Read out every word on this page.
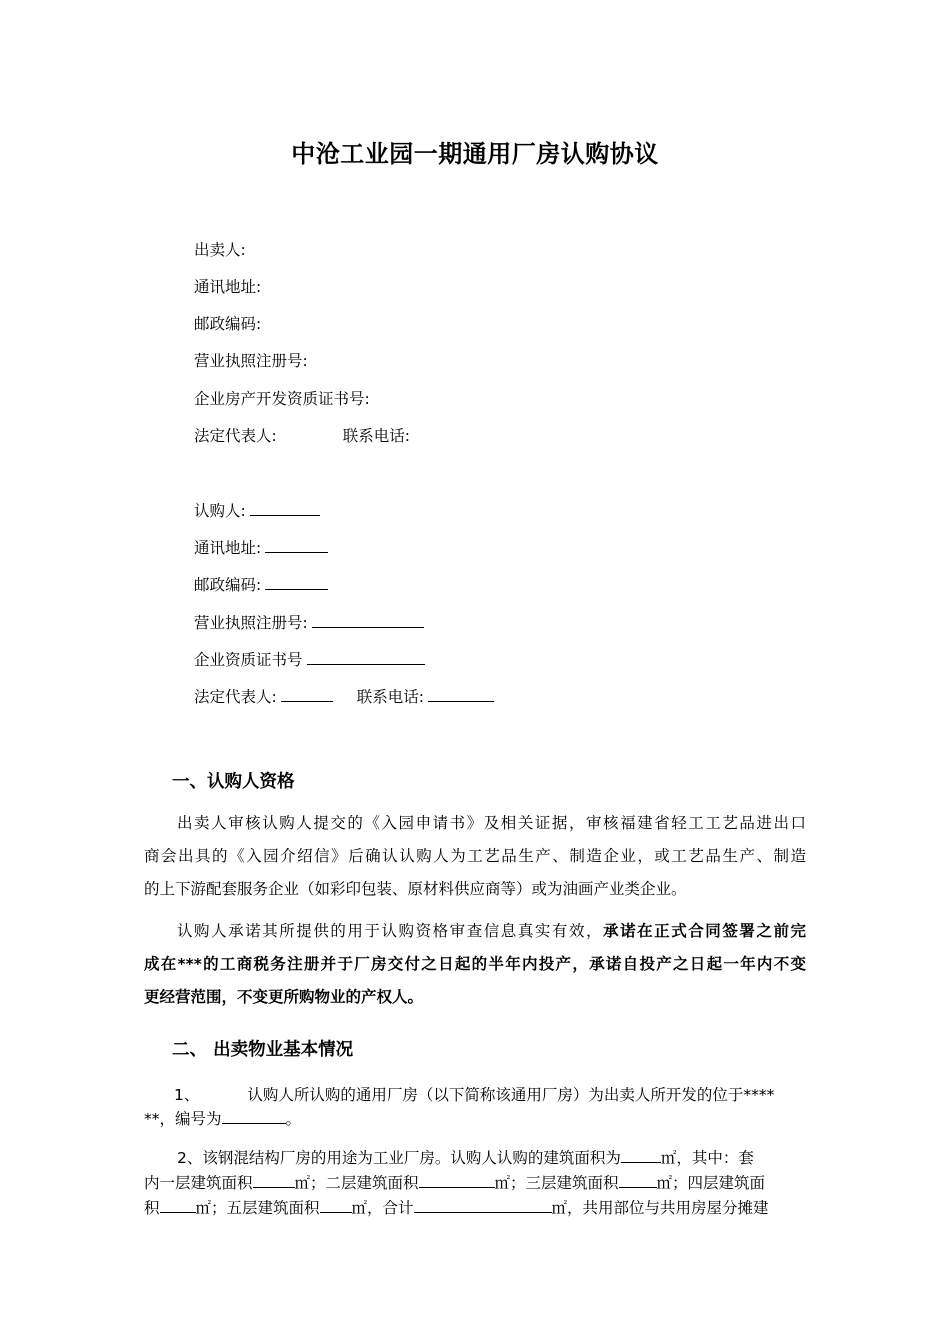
中沧工业园一期通用厂房认购协议
出卖人:
通讯地址:
邮政编码:
营业执照注册号:
企业房产开发资质证书号:
法定代表人:	联系电话:
认购人:
通讯地址:
邮政编码:
营业执照注册号:
企业资质证书号
法定代表人:	联系电话:
一、认购人资格
出卖人审核认购人提交的《入园申请书》及相关证据，审核福建省轻工工艺品进出口
商会出具的《入园介绍信》后确认认购人为工艺品生产、制造企业，或工艺品生产、制造
的上下游配套服务企业（如彩印包装、原材料供应商等）或为油画产业类企业。
认购人承诺其所提供的用于认购资格审查信息真实有效，承诺在正式合同签署之前完
成在***的工商税务注册并于厂房交付之日起的半年内投产，承诺自投产之日起一年内不变
更经营范围，不变更所购物业的产权人。
二、 出卖物业基本情况
1、	认购人所认购的通用厂房（以下简称该通用厂房）为出卖人所开发的位于****
**，编号为	。
2、该钢混结构厂房的用途为工业厂房。认购人认购的建筑面积为	㎡，其中：套
内一层建筑面积	㎡；二层建筑面积	㎡；三层建筑面积 ㎡；四层建筑面
积 ㎡；五层建筑面积 ㎡，合计	㎡，共用部位与共用房屋分摊建
